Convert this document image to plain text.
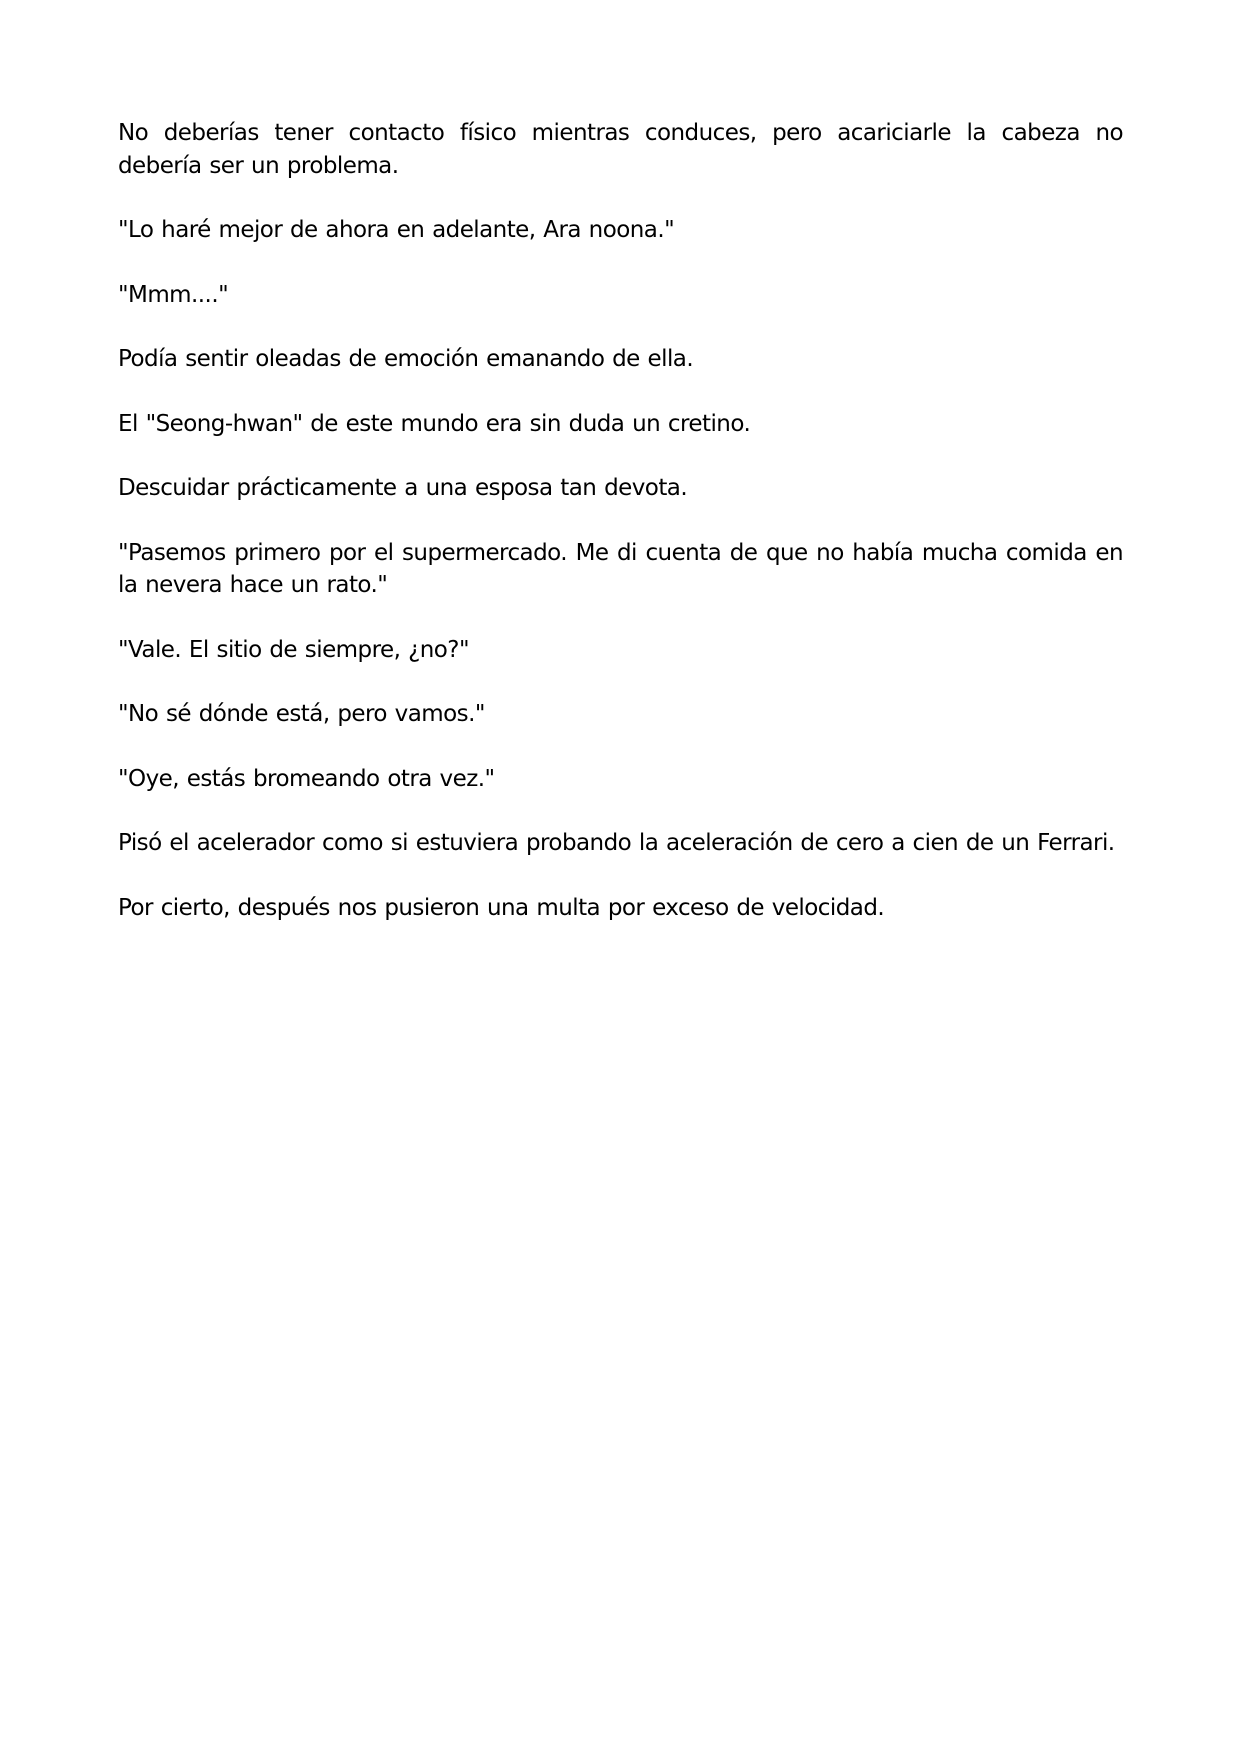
No deberías tener contacto físico mientras conduces, pero acariciarle la cabeza no debería ser un problema.

"Lo haré mejor de ahora en adelante, Ara noona."

"Mmm...."

Podía sentir oleadas de emoción emanando de ella.

El "Seong-hwan" de este mundo era sin duda un cretino.

Descuidar prácticamente a una esposa tan devota.

"Pasemos primero por el supermercado. Me di cuenta de que no había mucha comida en la nevera hace un rato."

"Vale. El sitio de siempre, ¿no?"

"No sé dónde está, pero vamos."

"Oye, estás bromeando otra vez."

Pisó el acelerador como si estuviera probando la aceleración de cero a cien de un Ferrari.

Por cierto, después nos pusieron una multa por exceso de velocidad.
